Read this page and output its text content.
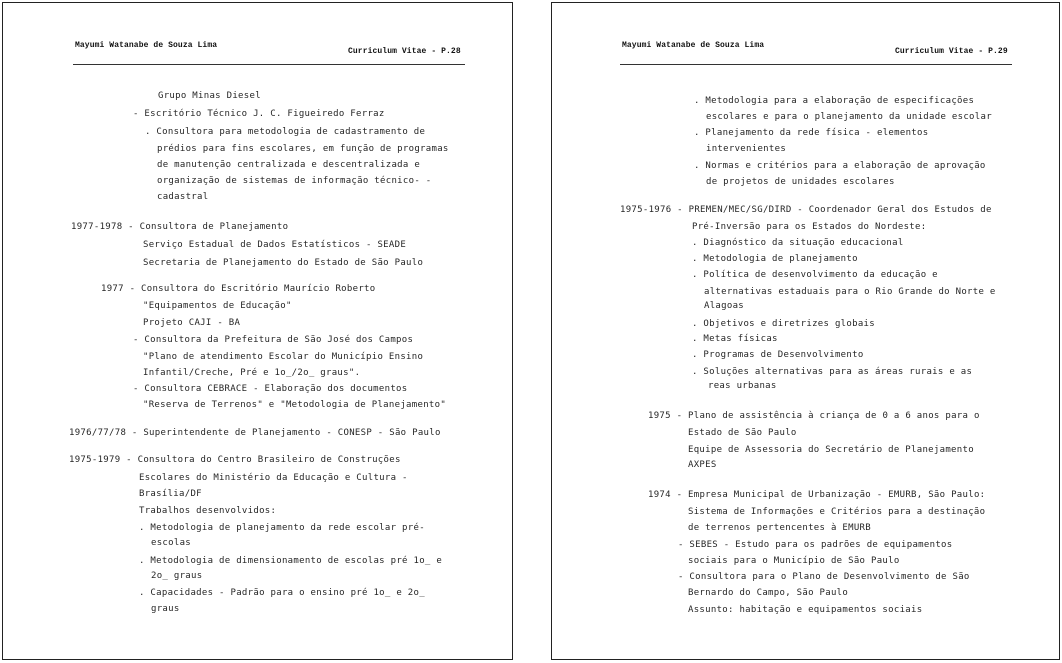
Mayumi Watanabe de Souza Lima
Curriculum Vitae - P.28
Grupo Minas Diesel
- Escritório Técnico J. C. Figueiredo Ferraz
. Consultora para metodologia de cadastramento de
prédios para fins escolares, em função de programas
de manutenção centralizada e descentralizada e
organização de sistemas de informação técnico- -
cadastral
1977-1978 - Consultora de Planejamento
Serviço Estadual de Dados Estatísticos - SEADE
Secretaria de Planejamento do Estado de São Paulo
1977 - Consultora do Escritório Maurício Roberto
"Equipamentos de Educação"
Projeto CAJI - BA
- Consultora da Prefeitura de São José dos Campos
"Plano de atendimento Escolar do Município Ensino
Infantil/Creche, Pré e 1o_/2o_ graus".
- Consultora CEBRACE - Elaboração dos documentos
"Reserva de Terrenos" e "Metodologia de Planejamento"
1976/77/78 - Superintendente de Planejamento - CONESP - São Paulo
1975-1979 - Consultora do Centro Brasileiro de Construções
Escolares do Ministério da Educação e Cultura -
Brasília/DF
Trabalhos desenvolvidos:
. Metodologia de planejamento da rede escolar pré-
escolas
. Metodologia de dimensionamento de escolas pré 1o_ e
2o_ graus
. Capacidades - Padrão para o ensino pré 1o_ e 2o_
graus
Mayumi Watanabe de Souza Lima
Curriculum Vitae - P.29
. Metodologia para a elaboração de especificações
escolares e para o planejamento da unidade escolar
. Planejamento da rede física - elementos
intervenientes
. Normas e critérios para a elaboração de aprovação
de projetos de unidades escolares
1975-1976 - PREMEN/MEC/SG/DIRD - Coordenador Geral dos Estudos de
Pré-Inversão para os Estados do Nordeste:
. Diagnóstico da situação educacional
. Metodologia de planejamento
. Política de desenvolvimento da educação e
alternativas estaduais para o Rio Grande do Norte e
Alagoas
. Objetivos e diretrizes globais
. Metas físicas
. Programas de Desenvolvimento
. Soluções alternativas para as áreas rurais e as
reas urbanas
1975 - Plano de assistência à criança de 0 a 6 anos para o
Estado de São Paulo
Equipe de Assessoria do Secretário de Planejamento
AXPES
1974 - Empresa Municipal de Urbanização - EMURB, São Paulo:
Sistema de Informações e Critérios para a destinação
de terrenos pertencentes à EMURB
- SEBES - Estudo para os padrões de equipamentos
sociais para o Município de São Paulo
- Consultora para o Plano de Desenvolvimento de São
Bernardo do Campo, São Paulo
Assunto: habitação e equipamentos sociais
